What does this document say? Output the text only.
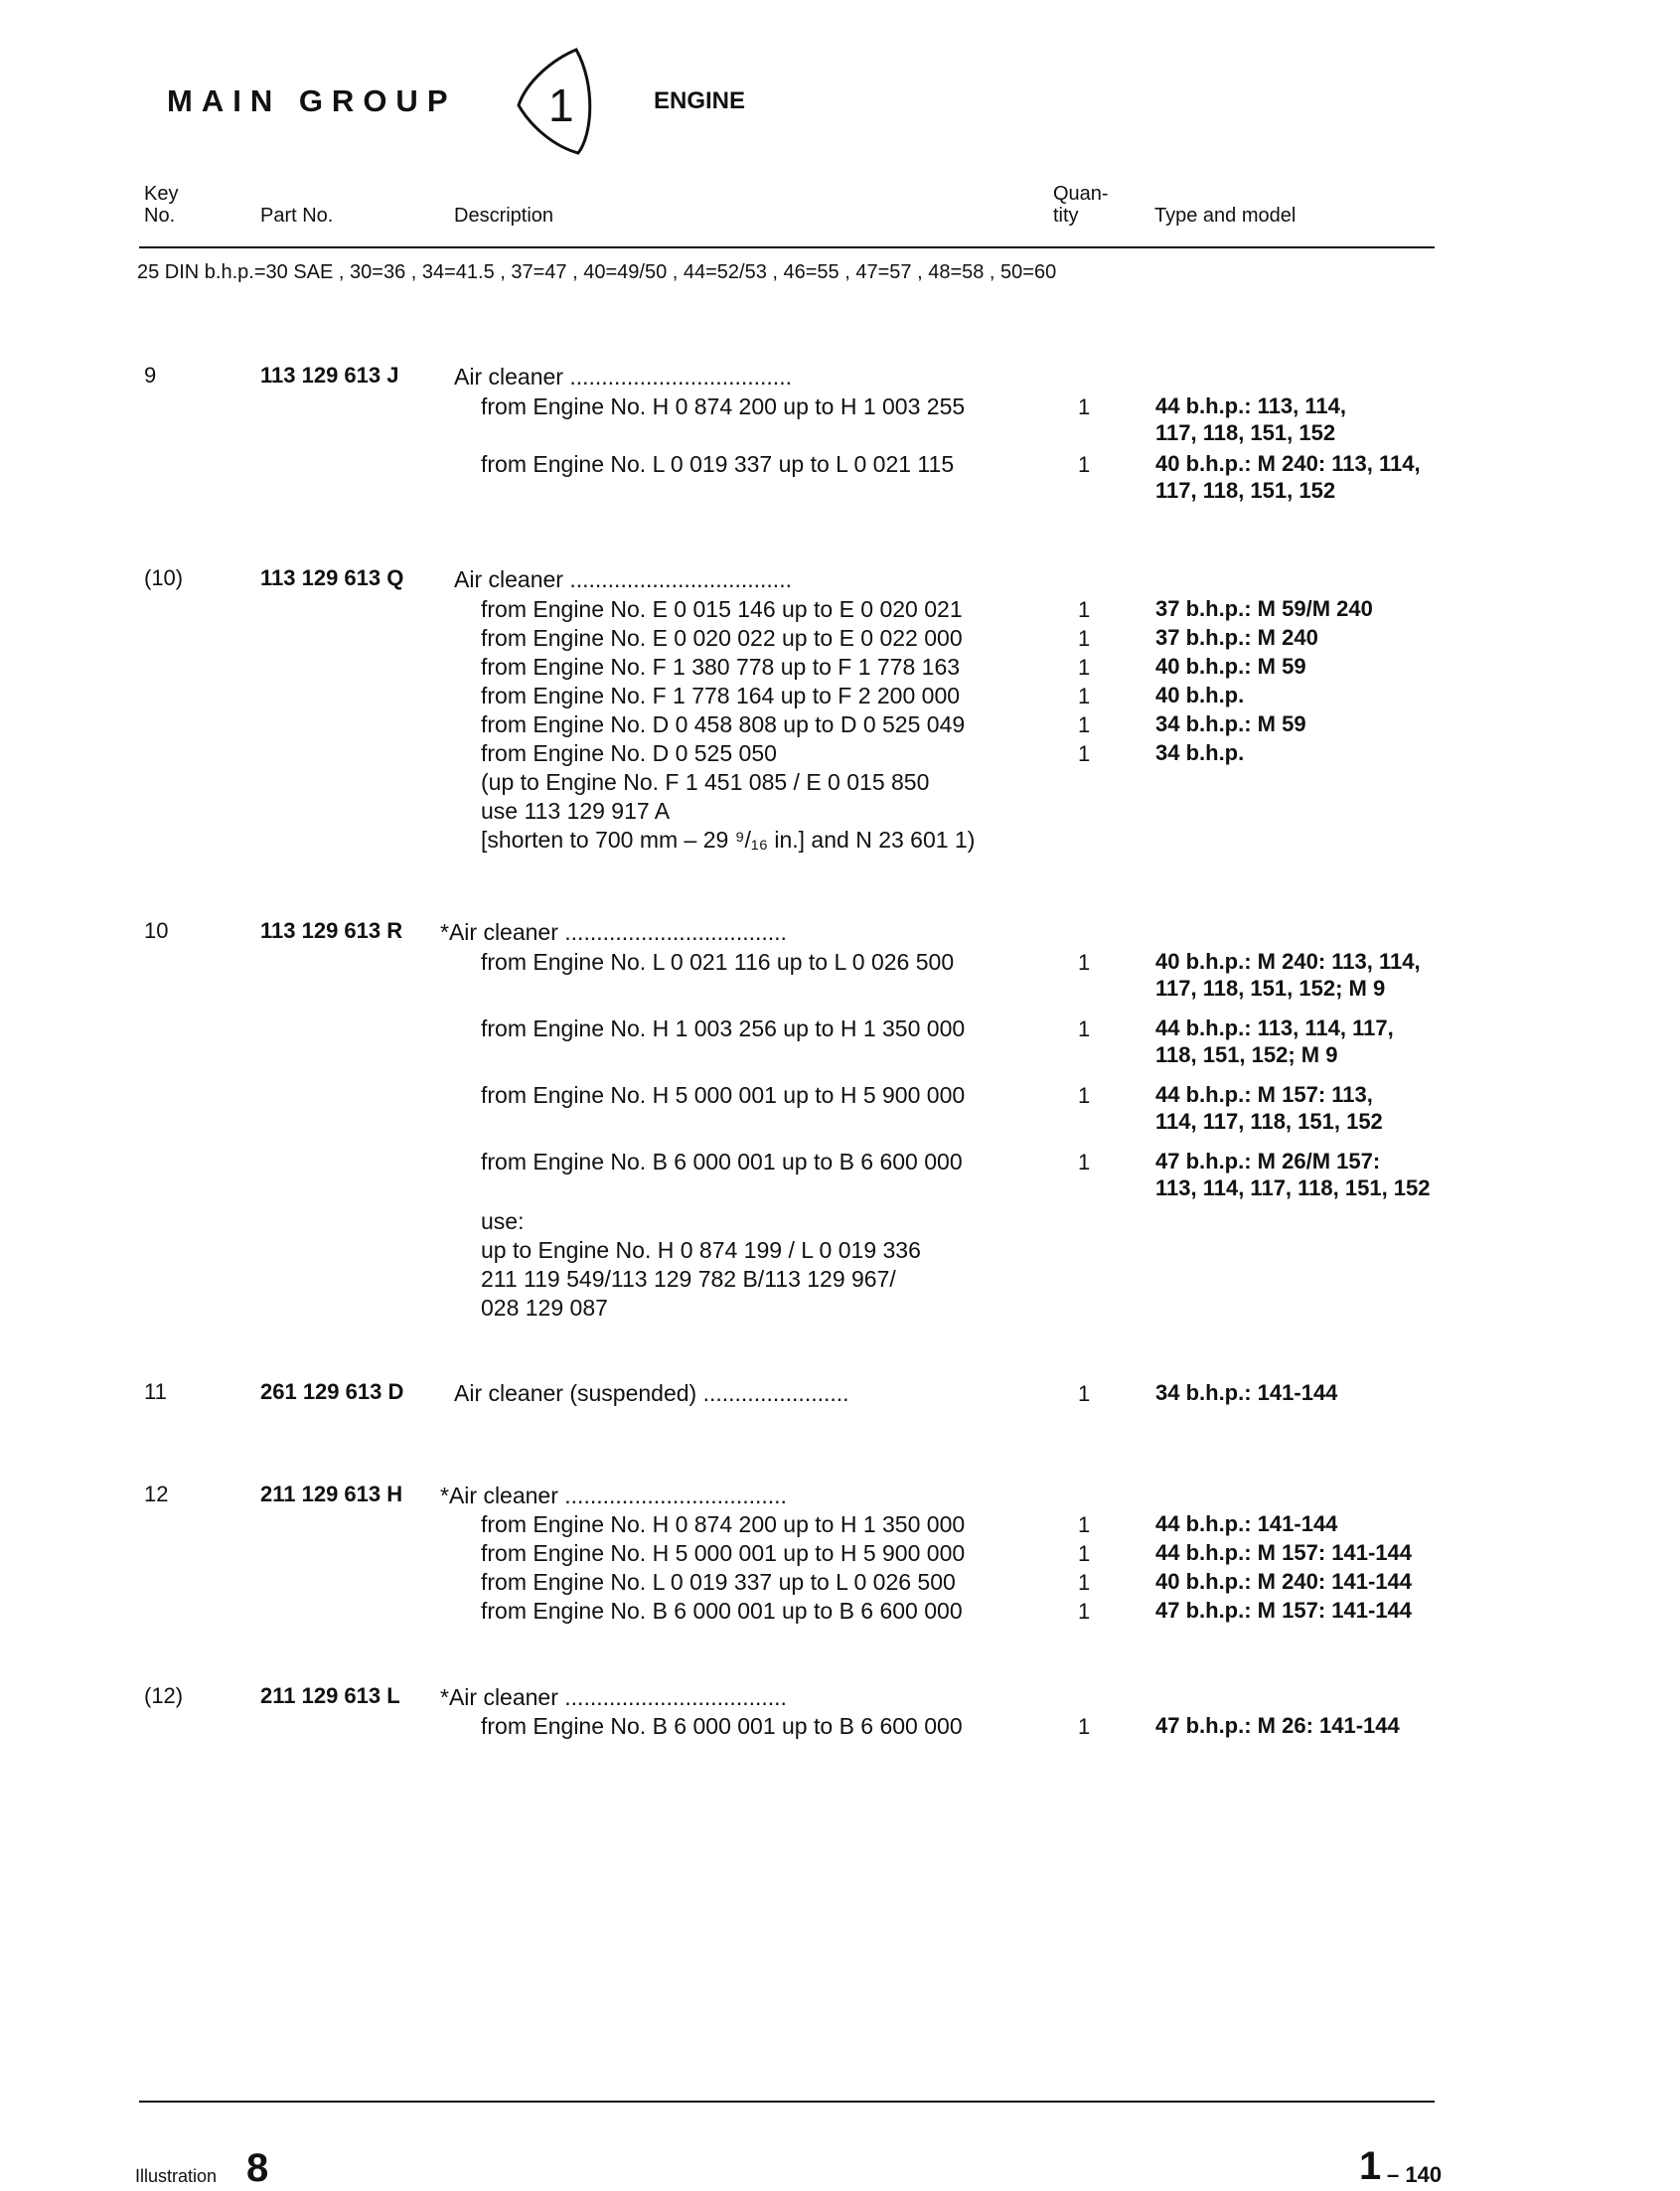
MAIN GROUP 1	ENGINE
Key
No.	Part No.	Description
Quan-
tity	Type and model
25 DIN b.h.p.=30 SAE , 30=36 , 34=41.5 , 37=47 , 40=49/50 , 44=52/53 , 46=55 , 47=57 , 48=58 , 50=60
9	113 129 613 J Air cleaner .....
from Engine No. H 0 874 200 up to H 1 003 255	1	44 b.h.p.: 113, 114,
117, 118, 151, 152
from Engine No. L 0 019 337 up to L 0 021 115	1	40 b.h.p.: M 240: 113, 114,
117, 118, 151, 152
(10)	113 129 613 Q Air cleaner .....
from Engine No. E 0 015 146 up to E 0 020 021	1	37 b.h.p.: M 59/M 240
from Engine No. E 0 020 022 up to E 0 022 000	1	37 b.h.p.: M 240
from Engine No. F 1 380 778 up to F 1 778 163	1	40 b.h.p.: M 59
from Engine No. F 1 778 164 up to F 2 200 000	1	40 b.h.p.
from Engine No. D 0 458 808 up to D 0 525 049	1	34 b.h.p.: M 59
from Engine No. D 0 525 050	1	34 b.h.p.
(up to Engine No. F 1 451 085 / E 0 015 850
use 113 129 917 A
[shorten to 700 mm – 29 ⁹/₁₆ in.] and N 23 601 1)
10	113 129 613 R *Air cleaner .....
from Engine No. L 0 021 116 up to L 0 026 500	1	40 b.h.p.: M 240: 113, 114,
117, 118, 151, 152; M 9
from Engine No. H 1 003 256 up to H 1 350 000	1	44 b.h.p.: 113, 114, 117,
118, 151, 152; M 9
from Engine No. H 5 000 001 up to H 5 900 000	1	44 b.h.p.: M 157: 113,
114, 117, 118, 151, 152
from Engine No. B 6 000 001 up to B 6 600 000	1	47 b.h.p.: M 26/M 157:
113, 114, 117, 118, 151, 152
use:
up to Engine No. H 0 874 199 / L 0 019 336
211 119 549/113 129 782 B/113 129 967/
028 129 087
11	261 129 613 D Air cleaner (suspended) .....	1	34 b.h.p.: 141-144
12	211 129 613 H *Air cleaner .....
from Engine No. H 0 874 200 up to H 1 350 000	1	44 b.h.p.: 141-144
from Engine No. H 5 000 001 up to H 5 900 000	1	44 b.h.p.: M 157: 141-144
from Engine No. L 0 019 337 up to L 0 026 500	1	40 b.h.p.: M 240: 141-144
from Engine No. B 6 000 001 up to B 6 600 000	1	47 b.h.p.: M 157: 141-144
(12)	211 129 613 L *Air cleaner .....
from Engine No. B 6 000 001 up to B 6 600 000	1	47 b.h.p.: M 26: 141-144
Illustration 8	1 – 140
